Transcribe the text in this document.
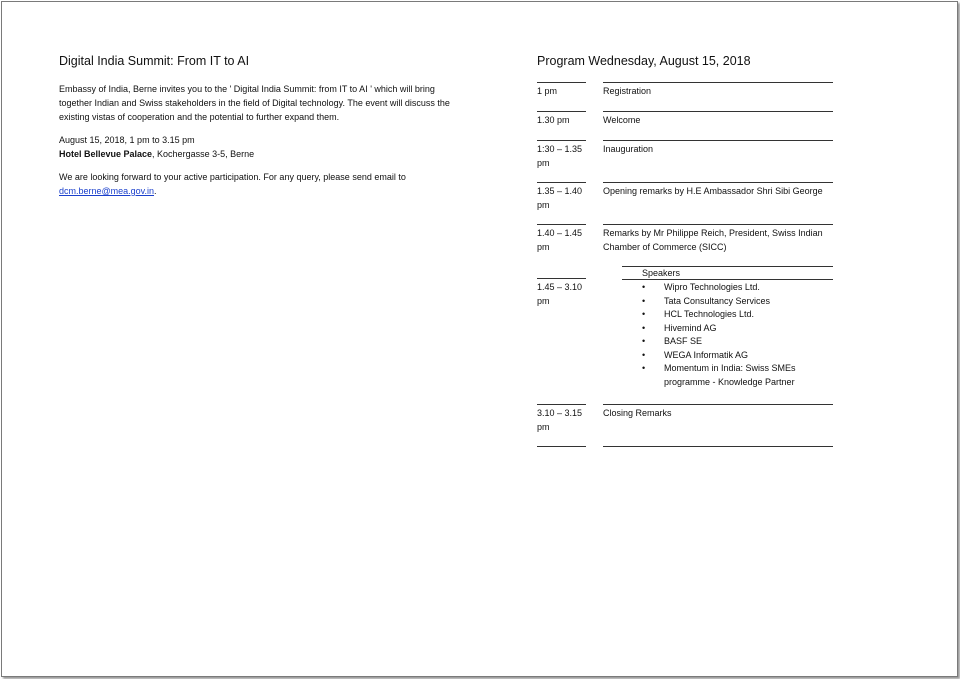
Digital India Summit: From IT to AI

Embassy of India, Berne invites you to the ' Digital India Summit: from IT to AI ' which will bring together Indian and Swiss stakeholders in the field of Digital technology. The event will discuss the existing vistas of cooperation and the potential to further expand them.

August 15, 2018, 1 pm to 3.15 pm
Hotel Bellevue Palace, Kochergasse 3-5, Berne

We are looking forward to your active participation. For any query, please send email to
dcm.berne@mea.gov.in.

Program Wednesday, August 15, 2018
1 pm	Registration
1.30 pm	Welcome
1:30 – 1.35 pm
Inauguration
1.35 – 1.40 pm
Opening remarks by H.E Ambassador Shri Sibi George
1.40 – 1.45 pm
Remarks by Mr Philippe Reich, President, Swiss Indian Chamber of Commerce (SICC)
Speakers
1.45 – 3.10 pm
• Wipro Technologies Ltd.
• Tata Consultancy Services
• HCL Technologies Ltd.
• Hivemind AG
• BASF SE
• WEGA Informatik AG
• Momentum in India: Swiss SMEs programme - Knowledge Partner
3.10 – 3.15 pm
Closing Remarks
